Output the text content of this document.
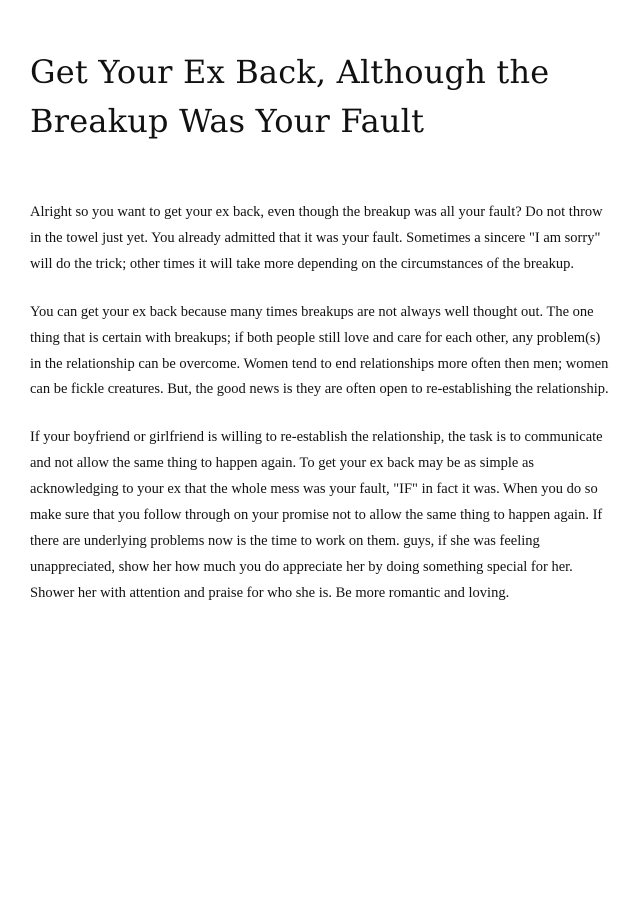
Get Your Ex Back, Although the Breakup Was Your Fault

Alright so you want to get your ex back, even though the breakup was all your fault? Do not throw in the towel just yet. You already admitted that it was your fault. Sometimes a sincere "I am sorry" will do the trick; other times it will take more depending on the circumstances of the breakup.

You can get your ex back because many times breakups are not always well thought out. The one thing that is certain with breakups; if both people still love and care for each other, any problem(s) in the relationship can be overcome. Women tend to end relationships more often then men; women can be fickle creatures. But, the good news is they are often open to re-establishing the relationship.

If your boyfriend or girlfriend is willing to re-establish the relationship, the task is to communicate and not allow the same thing to happen again. To get your ex back may be as simple as acknowledging to your ex that the whole mess was your fault, "IF" in fact it was. When you do so make sure that you follow through on your promise not to allow the same thing to happen again. If there are underlying problems now is the time to work on them. guys, if she was feeling unappreciated, show her how much you do appreciate her by doing something special for her. Shower her with attention and praise for who she is. Be more romantic and loving.
